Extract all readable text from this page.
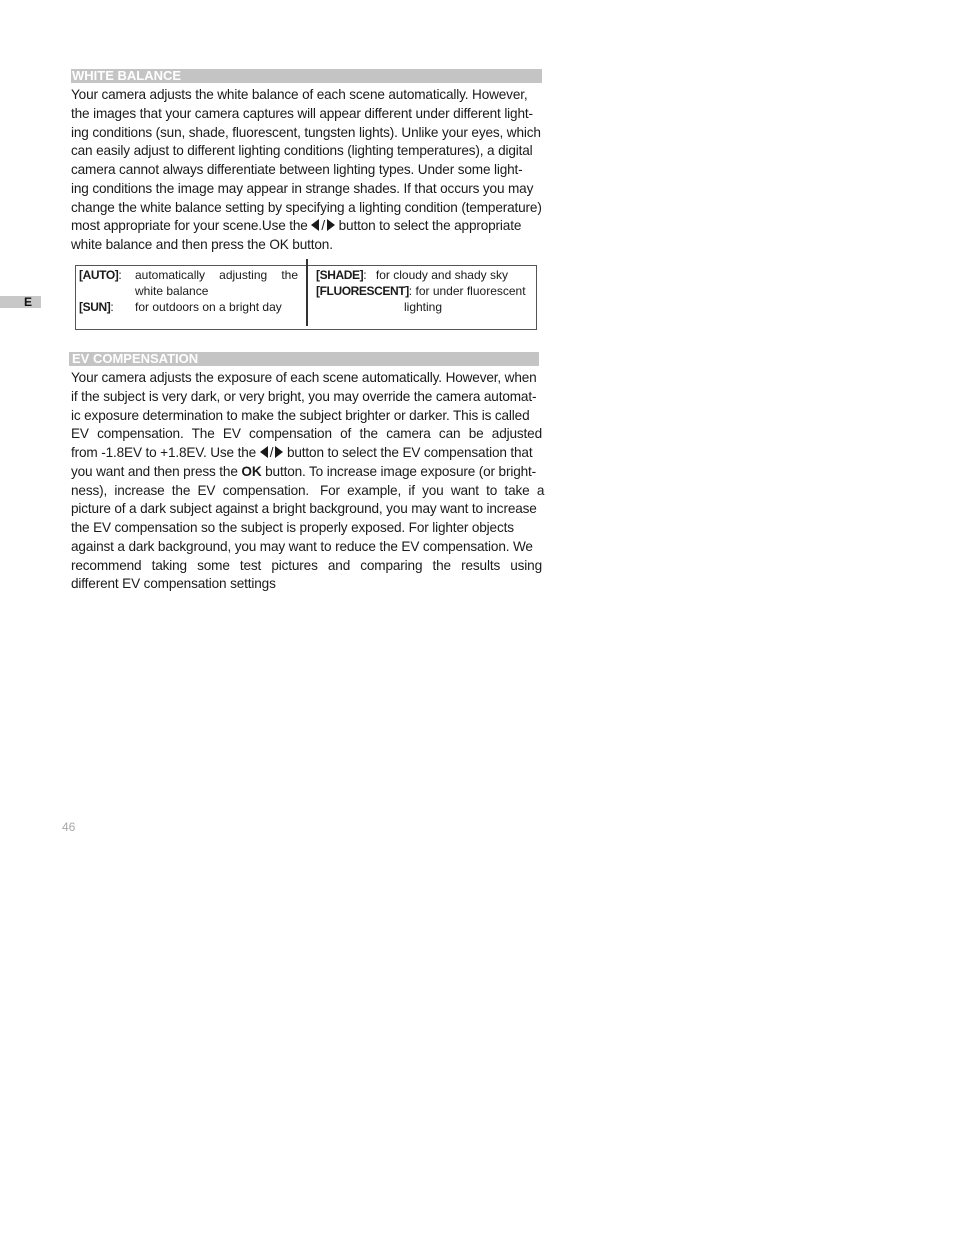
E
WHITE BALANCE
Your camera adjusts the white balance of each scene automatically. However,
the images that your camera captures will appear different under different light-
ing conditions (sun, shade, fluorescent, tungsten lights). Unlike your eyes, which
can easily adjust to different lighting conditions (lighting temperatures), a digital
camera cannot always differentiate between lighting types. Under some light-
ing conditions the image may appear in strange shades. If that occurs you may
change the white balance setting by specifying a lighting condition (temperature)
most appropriate for your scene.Use the / button to select the appropriate
white balance and then press the OK button.
[AUTO]: automatically adjusting the
white balance
[SUN]: for outdoors on a bright day
[SHADE]: for cloudy and shady sky
[FLUORESCENT]: for under fluorescent
lighting
EV COMPENSATION
Your camera adjusts the exposure of each scene automatically. However, when
if the subject is very dark, or very bright, you may override the camera automat-
ic exposure determination to make the subject brighter or darker. This is called
EV  compensation.  The  EV  compensation  of  the  camera  can  be  adjusted
from -1.8EV to +1.8EV. Use the / button to select the EV compensation that
you want and then press the OK button. To increase image exposure (or bright-
ness),  increase  the  EV  compensation.   For  example,  if  you  want  to  take  a
picture of a dark subject against a bright background, you may want to increase
the EV compensation so the subject is properly exposed. For lighter objects
against a dark background, you may want to reduce the EV compensation. We
recommend  taking  some  test  pictures  and  comparing  the  results  using
different EV compensation settings
46
